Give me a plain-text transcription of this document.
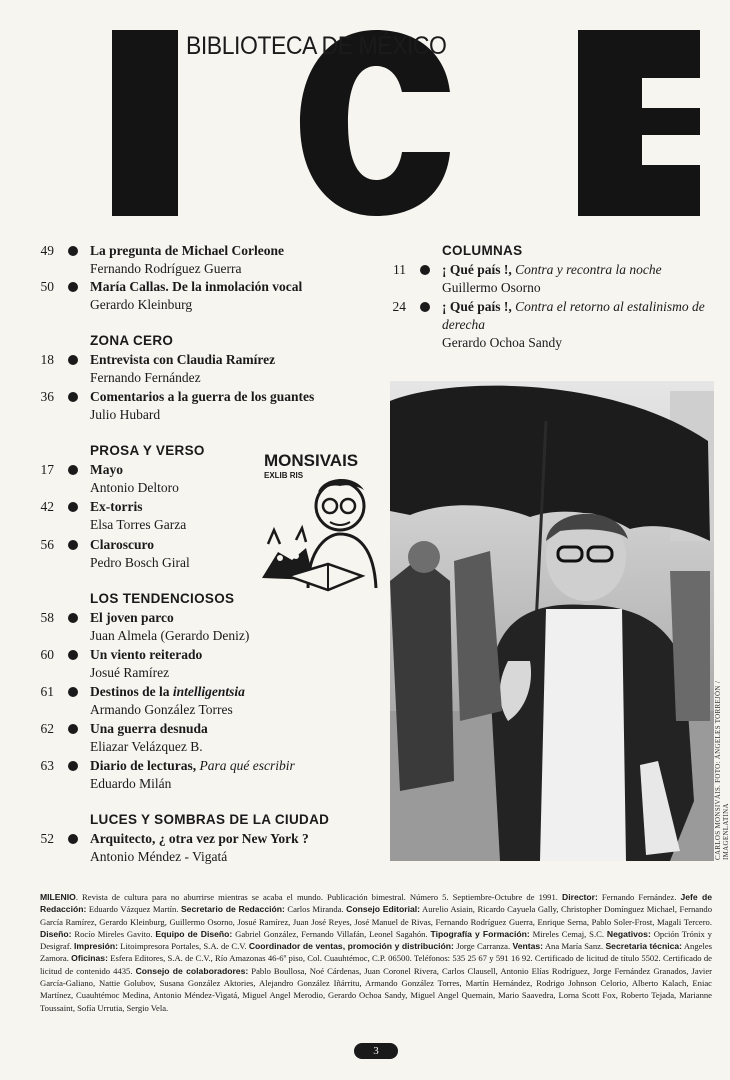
BIBLIOTECA DE MÉXICO
49	La pregunta de Michael Corleone
Fernando Rodríguez Guerra
50	María Callas. De la inmolación vocal
Gerardo Kleinburg
ZONA CERO
18	Entrevista con Claudia Ramírez
Fernando Fernández
36	Comentarios a la guerra de los guantes
Julio Hubard
PROSA Y VERSO
17	Mayo
Antonio Deltoro
42	Ex-torris
Elsa Torres Garza
56	Claroscuro
Pedro Bosch Giral
LOS TENDENCIOSOS
58	El joven parco
Juan Almela (Gerardo Deniz)
60	Un viento reiterado
Josué Ramírez
61	Destinos de la intelligentsia
Armando González Torres
62	Una guerra desnuda
Eliazar Velázquez B.
63	Diario de lecturas, Para qué escribir
Eduardo Milán
LUCES Y SOMBRAS DE LA CIUDAD
52	Arquitecto, ¿ otra vez por New York ?
Antonio Méndez - Vigatá
COLUMNAS
11	¡ Qué país !, Contra y recontra la noche
Guillermo Osorno
24	¡ Qué país !, Contra el retorno al estalinismo de
derecha
Gerardo Ochoa Sandy
MONSIVAIS
EXLIB RIS
CARLOS MONSIVÁIS. FOTO: ÁNGELES TORREJÓN / IMAGENLATINA
MILENIO. Revista de cultura para no aburrirse mientras se acaba el mundo. Publicación bimestral. Número 5. Septiembre-Octubre de 1991. Director: Fernando Fernández. Jefe de Redacción: Eduardo Vázquez Martín. Secretario de Redacción: Carlos Miranda. Consejo Editorial: Aurelio Asiain, Ricardo Cayuela Gally, Christopher Domínguez Michael, Fernando García Ramírez, Gerardo Kleinburg, Guillermo Osorno, Josué Ramírez, Juan José Reyes, José Manuel de Rivas, Fernando Rodríguez Guerra, Enrique Serna, Pablo Soler-Frost, Magali Tercero. Diseño: Rocío Mireles Gavito. Equipo de Diseño: Gabriel González, Fernando Villafán, Leonel Sagahón. Tipografía y Formación: Mireles Cemaj, S.C. Negativos: Opción Trónix y Desigraf. Impresión: Litoimpresora Portales, S.A. de C.V. Coordinador de ventas, promoción y distribución: Jorge Carranza. Ventas: Ana María Sanz. Secretaria técnica: Angeles Zamora. Oficinas: Esfera Editores, S.A. de C.V., Río Amazonas 46-6º piso, Col. Cuauhtémoc, C.P. 06500. Teléfonos: 535 25 67 y 591 16 92. Certificado de licitud de título 5502. Certificado de licitud de contenido 4435. Consejo de colaboradores: Pablo Boullosa, Noé Cárdenas, Juan Coronel Rivera, Carlos Clausell, Antonio Elías Rodríguez, Jorge Fernández Granados, Javier García-Galiano, Nattie Golubov, Susana González Aktories, Alejandro González Iñárritu, Armando González Torres, Martín Hernández, Rodrigo Johnson Celorio, Alberto Kalach, Eniac Martínez, Cuauhtémoc Medina, Antonio Méndez-Vigatá, Miguel Angel Merodio, Gerardo Ochoa Sandy, Miguel Angel Quemain, Mario Saavedra, Lorna Scott Fox, Roberto Tejada, Marianne Toussaint, Sofía Urrutia, Sergio Vela.
3
